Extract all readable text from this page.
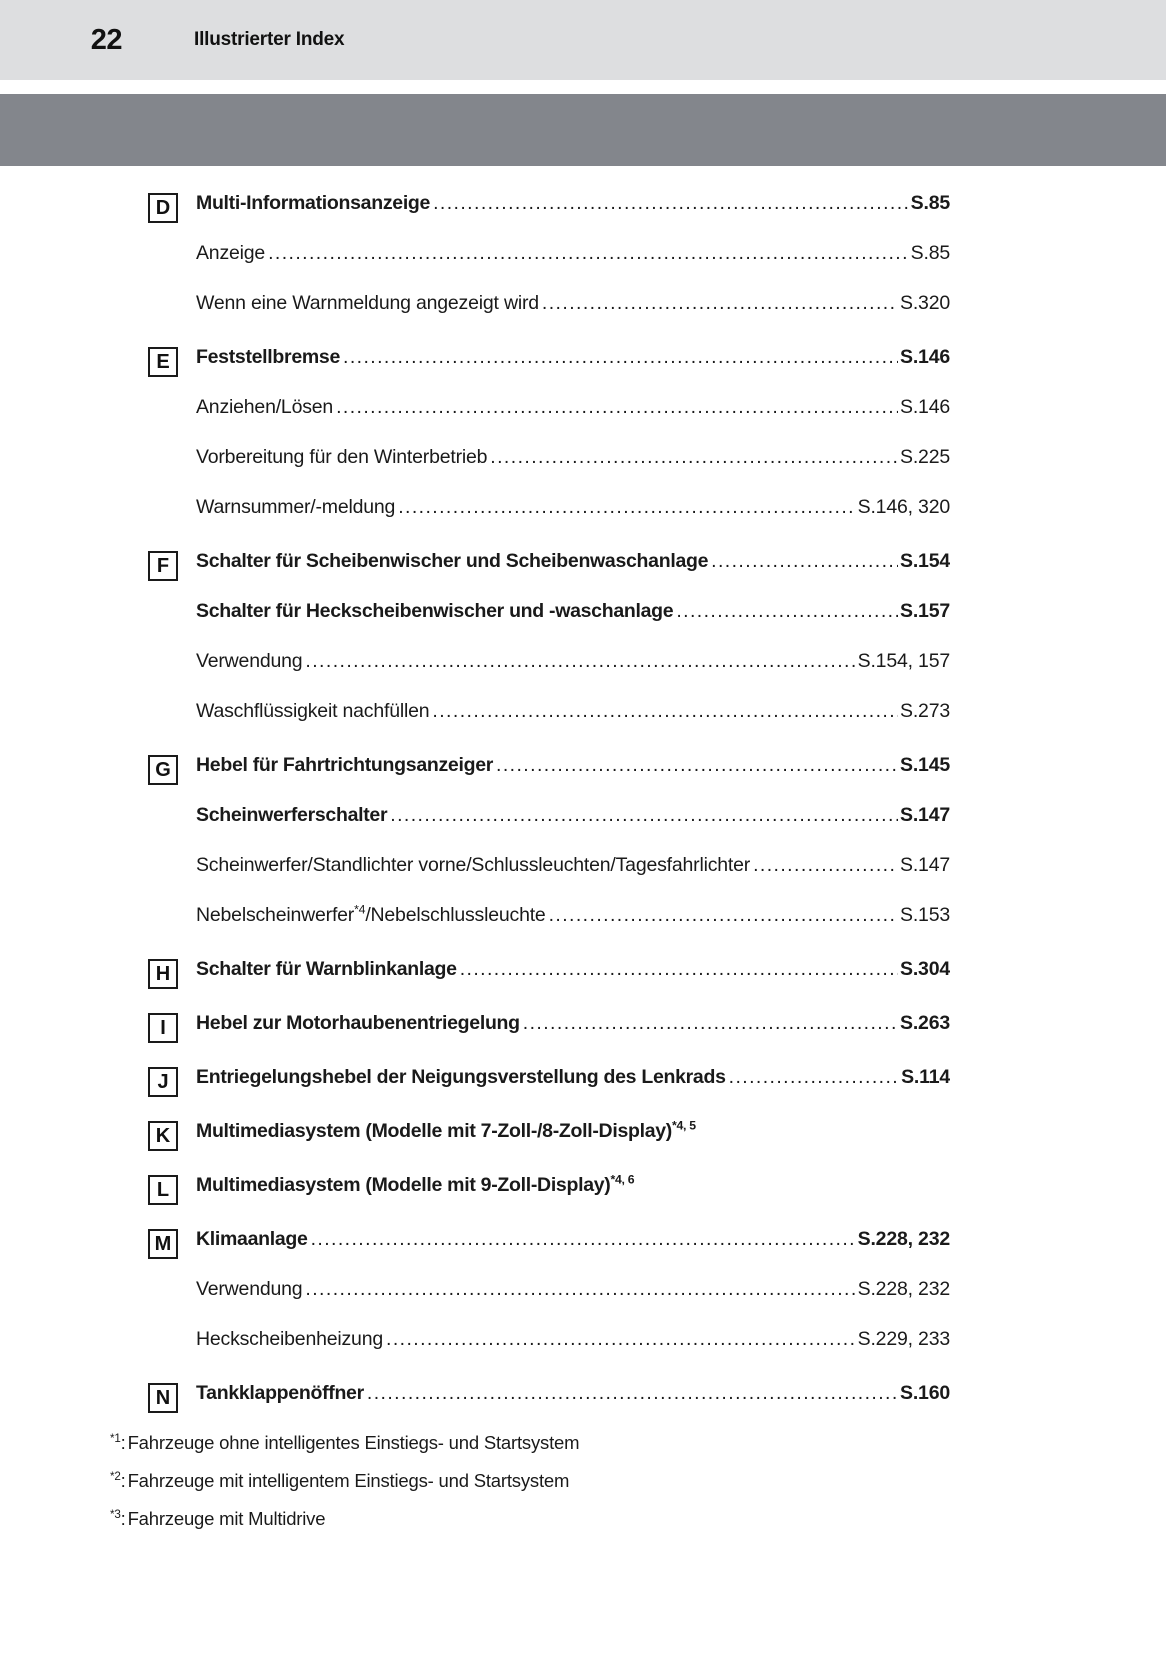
22	Illustrierter Index
D	Multi-Informationsanzeige .....	S.85
Anzeige .....	S.85
Wenn eine Warnmeldung angezeigt wird .....	S.320
E	Feststellbremse .....	S.146
Anziehen/Lösen .....	S.146
Vorbereitung für den Winterbetrieb .....	S.225
Warnsummer/-meldung .....	S.146, 320
F	Schalter für Scheibenwischer und Scheibenwaschanlage .....	S.154
Schalter für Heckscheibenwischer und -waschanlage .....	S.157
Verwendung .....	S.154, 157
Waschflüssigkeit nachfüllen .....	S.273
G	Hebel für Fahrtrichtungsanzeiger .....	S.145
Scheinwerferschalter .....	S.147
Scheinwerfer/Standlichter vorne/Schlussleuchten/Tagesfahrlichter .....	S.147
Nebelscheinwerfer$^{*4}$/Nebelschlussleuchte .....	S.153
H	Schalter für Warnblinkanlage .....	S.304
I	Hebel zur Motorhaubenentriegelung .....	S.263
J	Entriegelungshebel der Neigungsverstellung des Lenkrads .....	S.114
K	Multimediasystem (Modelle mit 7-Zoll-/8-Zoll-Display)$^{*4, 5}$
L	Multimediasystem (Modelle mit 9-Zoll-Display)$^{*4, 6}$
M	Klimaanlage .....	S.228, 232
Verwendung .....	S.228, 232
Heckscheibenheizung .....	S.229, 233
N	Tankklappenöffner .....	S.160
$^{*1}$: Fahrzeuge ohne intelligentes Einstiegs- und Startsystem
$^{*2}$: Fahrzeuge mit intelligentem Einstiegs- und Startsystem
$^{*3}$: Fahrzeuge mit Multidrive
